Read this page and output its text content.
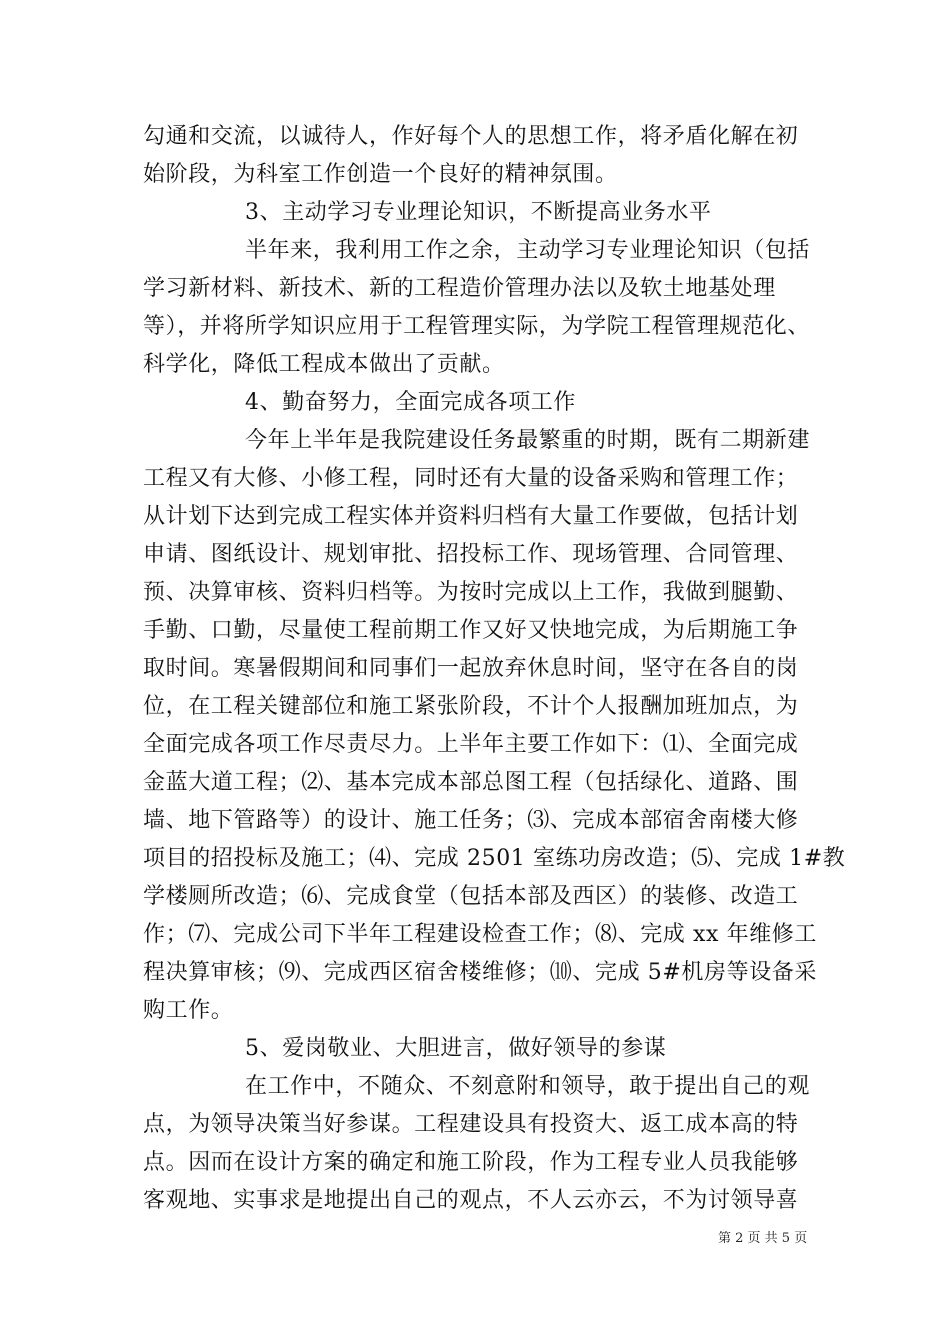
勾通和交流，以诚待人，作好每个人的思想工作，将矛盾化解在初
始阶段，为科室工作创造一个良好的精神氛围。
3、主动学习专业理论知识，不断提高业务水平
半年来，我利用工作之余，主动学习专业理论知识（包括
学习新材料、新技术、新的工程造价管理办法以及软土地基处理
等），并将所学知识应用于工程管理实际，为学院工程管理规范化、
科学化，降低工程成本做出了贡献。
4、勤奋努力，全面完成各项工作
今年上半年是我院建设任务最繁重的时期，既有二期新建
工程又有大修、小修工程，同时还有大量的设备采购和管理工作；
从计划下达到完成工程实体并资料归档有大量工作要做，包括计划
申请、图纸设计、规划审批、招投标工作、现场管理、合同管理、
预、决算审核、资料归档等。为按时完成以上工作，我做到腿勤、
手勤、口勤，尽量使工程前期工作又好又快地完成，为后期施工争
取时间。寒暑假期间和同事们一起放弃休息时间，坚守在各自的岗
位，在工程关键部位和施工紧张阶段，不计个人报酬加班加点，为
全面完成各项工作尽责尽力。上半年主要工作如下：⑴、全面完成
金蓝大道工程；⑵、基本完成本部总图工程（包括绿化、道路、围
墙、地下管路等）的设计、施工任务；⑶、完成本部宿舍南楼大修
项目的招投标及施工；⑷、完成 2501 室练功房改造；⑸、完成 1#教
学楼厕所改造；⑹、完成食堂（包括本部及西区）的装修、改造工
作；⑺、完成公司下半年工程建设检查工作；⑻、完成 xx 年维修工
程决算审核；⑼、完成西区宿舍楼维修；⑽、完成 5#机房等设备采
购工作。
5、爱岗敬业、大胆进言，做好领导的参谋
在工作中，不随众、不刻意附和领导，敢于提出自己的观
点，为领导决策当好参谋。工程建设具有投资大、返工成本高的特
点。因而在设计方案的确定和施工阶段，作为工程专业人员我能够
客观地、实事求是地提出自己的观点，不人云亦云，不为讨领导喜
第 2 页 共 5 页
